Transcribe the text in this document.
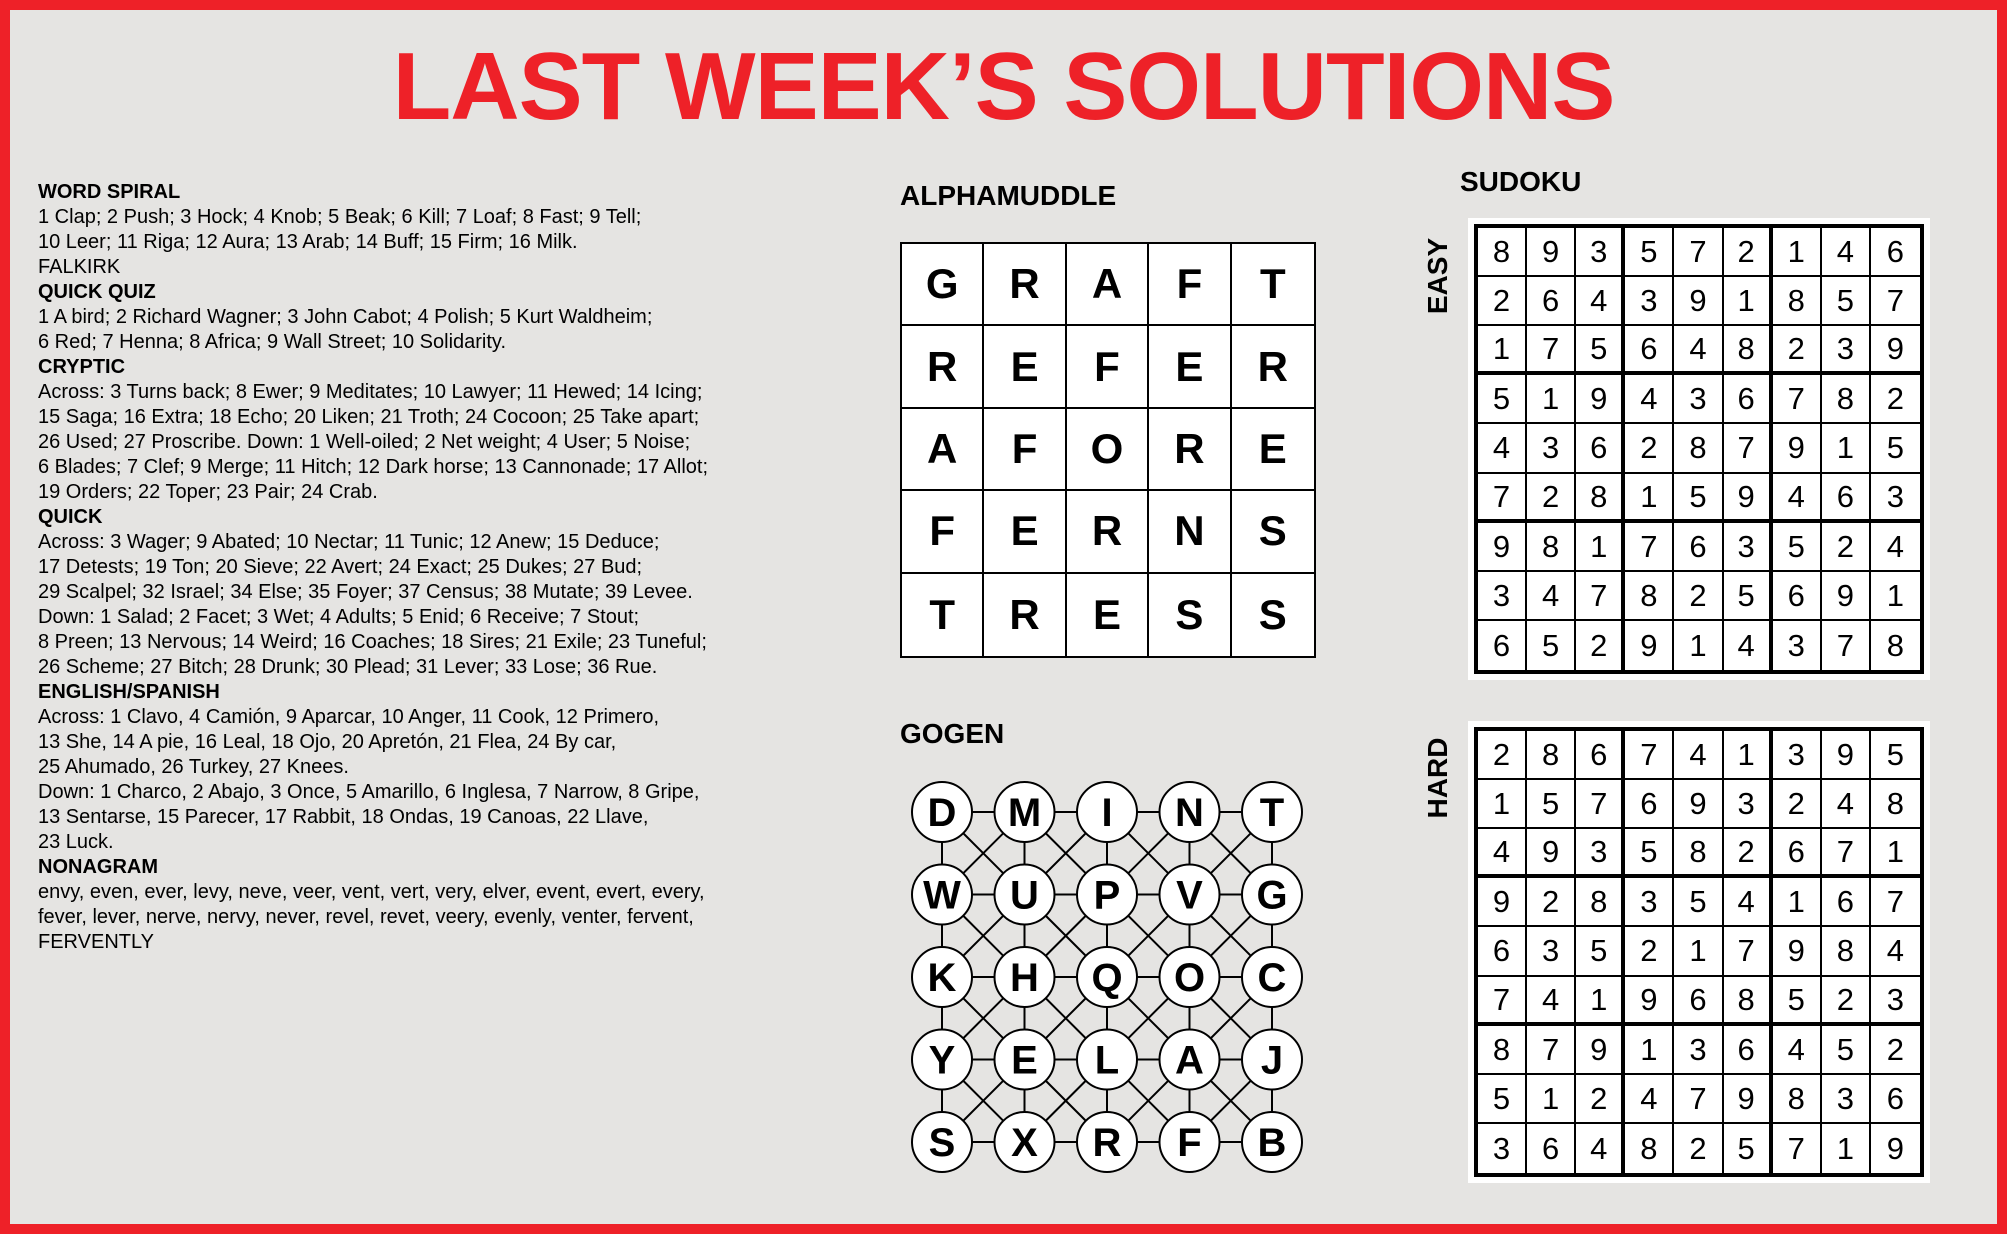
LAST WEEK’S SOLUTIONS
WORD SPIRAL
1 Clap; 2 Push; 3 Hock; 4 Knob; 5 Beak; 6 Kill; 7 Loaf; 8 Fast; 9 Tell;
10 Leer; 11 Riga; 12 Aura; 13 Arab; 14 Buff; 15 Firm; 16 Milk.
FALKIRK
QUICK QUIZ
1 A bird; 2 Richard Wagner; 3 John Cabot; 4 Polish; 5 Kurt Waldheim;
6 Red; 7 Henna; 8 Africa; 9 Wall Street; 10 Solidarity.
CRYPTIC
Across: 3 Turns back; 8 Ewer; 9 Meditates; 10 Lawyer; 11 Hewed; 14 Icing;
15 Saga; 16 Extra; 18 Echo; 20 Liken; 21 Troth; 24 Cocoon; 25 Take apart;
26 Used; 27 Proscribe. Down: 1 Well-oiled; 2 Net weight; 4 User; 5 Noise;
6 Blades; 7 Clef; 9 Merge; 11 Hitch; 12 Dark horse; 13 Cannonade; 17 Allot;
19 Orders; 22 Toper; 23 Pair; 24 Crab.
QUICK
Across: 3 Wager; 9 Abated; 10 Nectar; 11 Tunic; 12 Anew; 15 Deduce;
17 Detests; 19 Ton; 20 Sieve; 22 Avert; 24 Exact; 25 Dukes; 27 Bud;
29 Scalpel; 32 Israel; 34 Else; 35 Foyer; 37 Census; 38 Mutate; 39 Levee.
Down: 1 Salad; 2 Facet; 3 Wet; 4 Adults; 5 Enid; 6 Receive; 7 Stout;
8 Preen; 13 Nervous; 14 Weird; 16 Coaches; 18 Sires; 21 Exile; 23 Tuneful;
26 Scheme; 27 Bitch; 28 Drunk; 30 Plead; 31 Lever; 33 Lose; 36 Rue.
ENGLISH/SPANISH
Across: 1 Clavo, 4 Camión, 9 Aparcar, 10 Anger, 11 Cook, 12 Primero,
13 She, 14 A pie, 16 Leal, 18 Ojo, 20 Apretón, 21 Flea, 24 By car,
25 Ahumado, 26 Turkey, 27 Knees.
Down: 1 Charco, 2 Abajo, 3 Once, 5 Amarillo, 6 Inglesa, 7 Narrow, 8 Gripe,
13 Sentarse, 15 Parecer, 17 Rabbit, 18 Ondas, 19 Canoas, 22 Llave,
23 Luck.
NONAGRAM
envy, even, ever, levy, neve, veer, vent, vert, very, elver, event, evert, every,
fever, lever, nerve, nervy, never, revel, revet, veery, evenly, venter, fervent,
FERVENTLY
ALPHAMUDDLE
G	R	A	F	T
R	E	F	E	R
A	F	O	R	E
F	E	R	N	S
T	R	E	S	S
GOGEN
D M I N T
W U P V G
K H Q O C
Y E L A J
S X R F B
SUDOKU
EASY	8	9 3	5	7 2	1	4	6
2	6 4	3	9 1	8	5	7
1	7 5	6	4 8	2	3	9
5	1 9	4	3 6	7	8	2
4	3 6	2	8 7	9	1	5
7	2 8	1	5 9	4	6	3
9	8 1	7	6 3	5	2	4
3	4 7	8	2 5	6	9	1
6	5 2	9	1 4	3	7	8
HARD	2	8 6	7	4 1	3	9	5
1	5 7	6	9 3	2	4	8
4	9 3	5	8 2	6	7	1
9	2 8	3	5 4	1	6	7
6	3 5	2	1 7	9	8	4
7	4 1	9	6 8	5	2	3
8	7 9	1	3 6	4	5	2
5	1 2	4	7 9	8	3	6
3	6 4	8	2 5	7	1	9
